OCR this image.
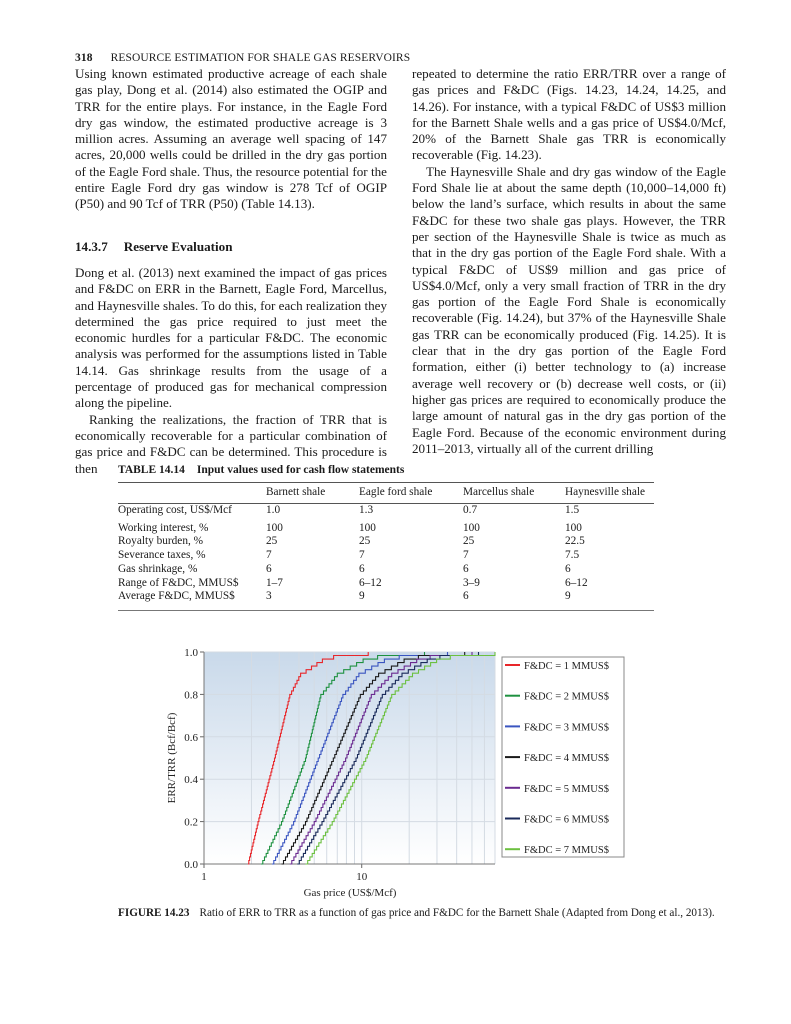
318 RESOURCE ESTIMATION FOR SHALE GAS RESERVOIRS

Using known estimated productive acreage of each shale gas play, Dong et al. (2014) also estimated the OGIP and TRR for the entire plays. For instance, in the Eagle Ford dry gas window, the estimated productive acreage is 3 million acres. Assuming an average well spacing of 147 acres, 20,000 wells could be drilled in the dry gas portion of the Eagle Ford shale. Thus, the resource potential for the entire Eagle Ford dry gas window is 278 Tcf of OGIP (P50) and 90 Tcf of TRR (P50) (Table 14.13).

14.3.7 Reserve Evaluation

Dong et al. (2013) next examined the impact of gas prices and F&DC on ERR in the Barnett, Eagle Ford, Marcellus, and Haynesville shales. To do this, for each realization they determined the gas price required to just meet the economic hurdles for a particular F&DC. The economic analysis was performed for the assumptions listed in Table 14.14. Gas shrinkage results from the usage of a percentage of produced gas for mechanical compression along the pipeline.

Ranking the realizations, the fraction of TRR that is economically recoverable for a particular combination of gas price and F&DC can be determined. This procedure is then

repeated to determine the ratio ERR/TRR over a range of gas prices and F&DC (Figs. 14.23, 14.24, 14.25, and 14.26). For instance, with a typical F&DC of US$3 million for the Barnett Shale wells and a gas price of US$4.0/Mcf, 20% of the Barnett Shale gas TRR is economically recoverable (Fig. 14.23).

The Haynesville Shale and dry gas window of the Eagle Ford Shale lie at about the same depth (10,000–14,000 ft) below the land’s surface, which results in about the same F&DC for these two shale gas plays. However, the TRR per section of the Haynesville Shale is twice as much as that in the dry gas portion of the Eagle Ford shale. With a typical F&DC of US$9 million and gas price of US$4.0/Mcf, only a very small fraction of TRR in the dry gas portion of the Eagle Ford Shale is economically recoverable (Fig. 14.24), but 37% of the Haynesville Shale gas TRR can be economically produced (Fig. 14.25). It is clear that in the dry gas portion of the Eagle Ford formation, either (i) better technology to (a) increase average well recovery or (b) decrease well costs, or (ii) higher gas prices are required to economically produce the large amount of natural gas in the dry gas portion of the Eagle Ford. Because of the economic environment during 2011–2013, virtually all of the current drilling

TABLE 14.14 Input values used for cash flow statements
	Barnett shale	Eagle ford shale	Marcellus shale	Haynesville shale
Operating cost, US$/Mcf	1.0	1.3	0.7	1.5
Working interest, %	100	100	100	100
Royalty burden, %	25	25	25	22.5
Severance taxes, %	7	7	7	7.5
Gas shrinkage, %	6	6	6	6
Range of F&DC, MMUS$	1–7	6–12	3–9	6–12
Average F&DC, MMUS$	3	9	6	9
0.0
0.2
0.4
0.6
0.8
1.0
1	10
ERR/TRR (Bcf/Bcf)
Gas price (US$/Mcf)
F&DC = 1 MMUS$
F&DC = 2 MMUS$
F&DC = 3 MMUS$
F&DC = 4 MMUS$
F&DC = 5 MMUS$
F&DC = 6 MMUS$
F&DC = 7 MMUS$
FIGURE 14.23 Ratio of ERR to TRR as a function of gas price and F&DC for the Barnett Shale (Adapted from Dong et al., 2013).
